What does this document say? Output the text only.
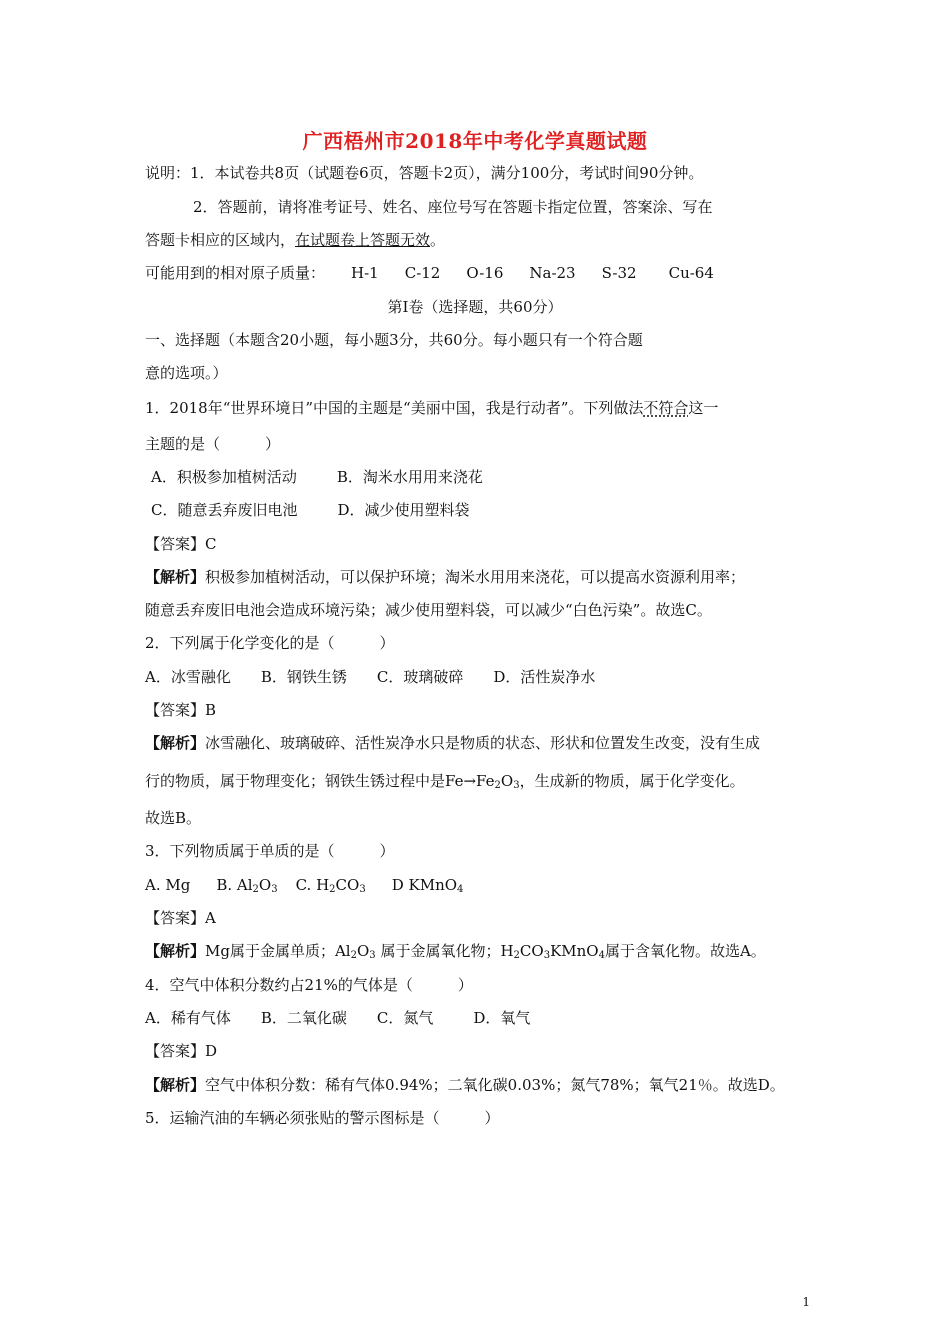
广西梧州市2018年中考化学真题试题
说明：1．本试卷共8页（试题卷6页，答题卡2页），满分100分，考试时间90分钟。
2．答题前，请将准考证号、姓名、座位号写在答题卡指定位置，答案涂、写在
答题卡相应的区域内，在试题卷上答题无效。
可能用到的相对原子质量： H-1 C-12 O-16 Na-23 S-32 Cu-64
第Ⅰ卷（选择题，共60分）
一、选择题（本题含20小题，每小题3分，共60分。每小题只有一个符合题
意的选项。）
1．2018年“世界环境日”中国的主题是“美丽中国，我是行动者”。下列做法不符合这一
主题的是（　　　）
A．积极参加植树活动	B．淘米水用用来浇花
C．随意丢弃废旧电池	D．减少使用塑料袋
【答案】C
【解析】积极参加植树活动，可以保护环境；淘米水用用来浇花，可以提高水资源利用率；
随意丢弃废旧电池会造成环境污染；减少使用塑料袋，可以减少“白色污染”。故选C。
2．下列属于化学变化的是（　　　）
A．冰雪融化 B．钢铁生锈 C．玻璃破碎 D．活性炭净水
【答案】B
【解析】冰雪融化、玻璃破碎、活性炭净水只是物质的状态、形状和位置发生改变，没有生成
行的物质，属于物理变化；钢铁生锈过程中是$Fe\to Fe_2O_3$，生成新的物质，属于化学变化。
故选B。
3．下列物质属于单质的是（　　　）
A. Mg B. $Al_2O_3$ C. $H_2CO_3$ D KMnO$_4$
【答案】A
【解析】Mg属于金属单质；$Al_2O_3$ 属于金属氧化物；$H_2CO_3KMnO_4$属于含氧化物。故选A。
4．空气中体积分数约占21%的气体是（　　　）
A．稀有气体 B．二氧化碳 C．氮气	D．氧气
【答案】D
【解析】空气中体积分数：稀有气体0.94%；二氧化碳0.03%；氮气78%；氧气21％。故选D。
5．运输汽油的车辆必须张贴的警示图标是（　　　）
1
